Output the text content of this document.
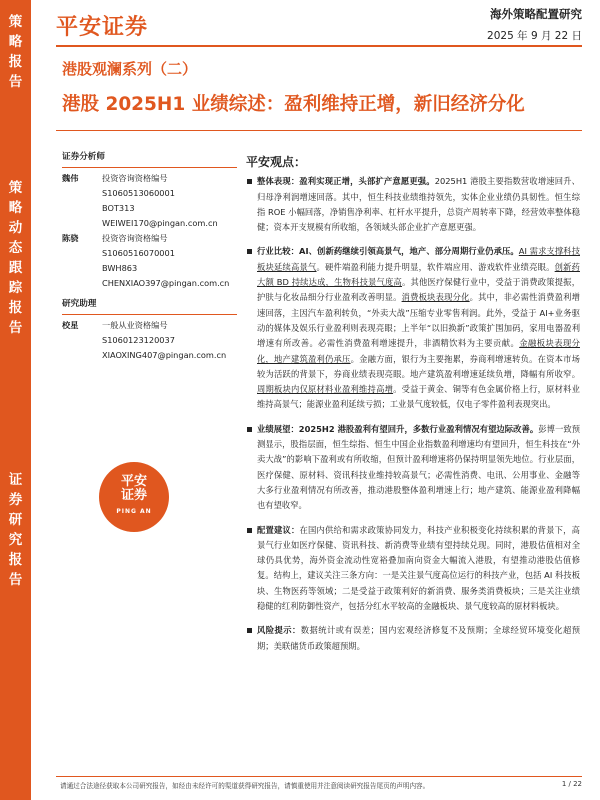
策
略
报
告
策
略
动
态
跟
踪
报
告
证
券
研
究
报
告
平安证券
海外策略配置研究
2025 年 9 月 22 日
港股观澜系列（二）
港股 2025H1 业绩综述：盈利维持正增，新旧经济分化
证券分析师
魏伟	投资咨询资格编号
S1060513060001
BOT313
WEIWEI170@pingan.com.cn
陈骁	投资咨询资格编号
S1060516070001
BWH863
CHENXIAO397@pingan.com.cn
研究助理
校星	一般从业资格编号
S1060123120037
XIAOXING407@pingan.com.cn
平安
证券
PING AN
平安观点：
整体表现：盈利实现正增，头部扩产意愿更强。2025H1 港股主要指数营收增速回升、归母净利润增速回落。其中，恒生科技业绩维持领先，实体企业业绩仍具韧性。恒生综指 ROE 小幅回落，净销售净利率、杠杆水平提升，总资产周转率下降，经营效率整体稳健；资本开支规模有所收缩，各领域头部企业扩产意愿更强。
行业比较：AI、创新药继续引领高景气，地产、部分周期行业仍承压。AI 需求支撑科技板块延续高景气。硬件端盈利能力提升明显，软件端应用、游戏软件业绩亮眼。创新药大额 BD 持续达成，生物科技景气度高。其他医疗保健行业中，受益于消费政策提振，护肤与化妆品细分行业盈利改善明显。消费板块表现分化。其中，非必需性消费盈利增速回落，主因汽车盈利转负，“外卖大战”压缩专业零售利润。此外，受益于 AI+业务驱动的媒体及娱乐行业盈利则表现亮眼；上半年“以旧换新”政策扩围加码，家用电器盈利增速有所改善。必需性消费盈利增速提升，非酒精饮料为主要贡献。金融板块表现分化，地产建筑盈利仍承压。金融方面，银行为主要拖累，券商利增速转负。在资本市场较为活跃的背景下，券商业绩表现亮眼。地产建筑盈利增速延续负增，降幅有所收窄。周期板块内仅原材料业盈利维持高增。受益于黄金、铜等有色金属价格上行，原材料业维持高景气；能源业盈利延续亏损；工业景气度较低，仅电子零件盈利表现突出。
业绩展望：2025H2 港股盈利有望回升，多数行业盈利情况有望边际改善。彭博一致预测显示，股指层面，恒生综指、恒生中国企业指数盈利增速均有望回升，恒生科技在“外卖大战”的影响下盈利或有所收缩，但预计盈利增速将仍保持明显领先地位。行业层面，医疗保健、原材料、资讯科技业维持较高景气；必需性消费、电讯、公用事业、金融等大多行业盈利情况有所改善，推动港股整体盈利增速上行；地产建筑、能源业盈利降幅也有望收窄。
配置建议：在国内供给和需求政策协同发力，科技产业积极变化持续积累的背景下，高景气行业如医疗保健、资讯科技、新消费等业绩有望持续兑现。同时，港股估值相对全球仍具优势，海外资金流动性宽裕叠加南向资金大幅流入港股，有望推动港股估值修复。结构上，建议关注三条方向：一是关注景气度高位运行的科技产业，包括 AI 科技板块、生物医药等领域；二是受益于政策利好的新消费、服务类消费板块；三是关注业绩稳健的红利防御性资产，包括分红水平较高的金融板块、景气度较高的原材料板块。
风险提示：数据统计或有误差；国内宏观经济修复不及预期；全球经贸环境变化超预期；美联储货币政策超预期。
请通过合法途径获取本公司研究报告，如经由未经许可的渠道获得研究报告，请慎重使用并注意阅读研究报告尾页的声明内容。	1 / 22
